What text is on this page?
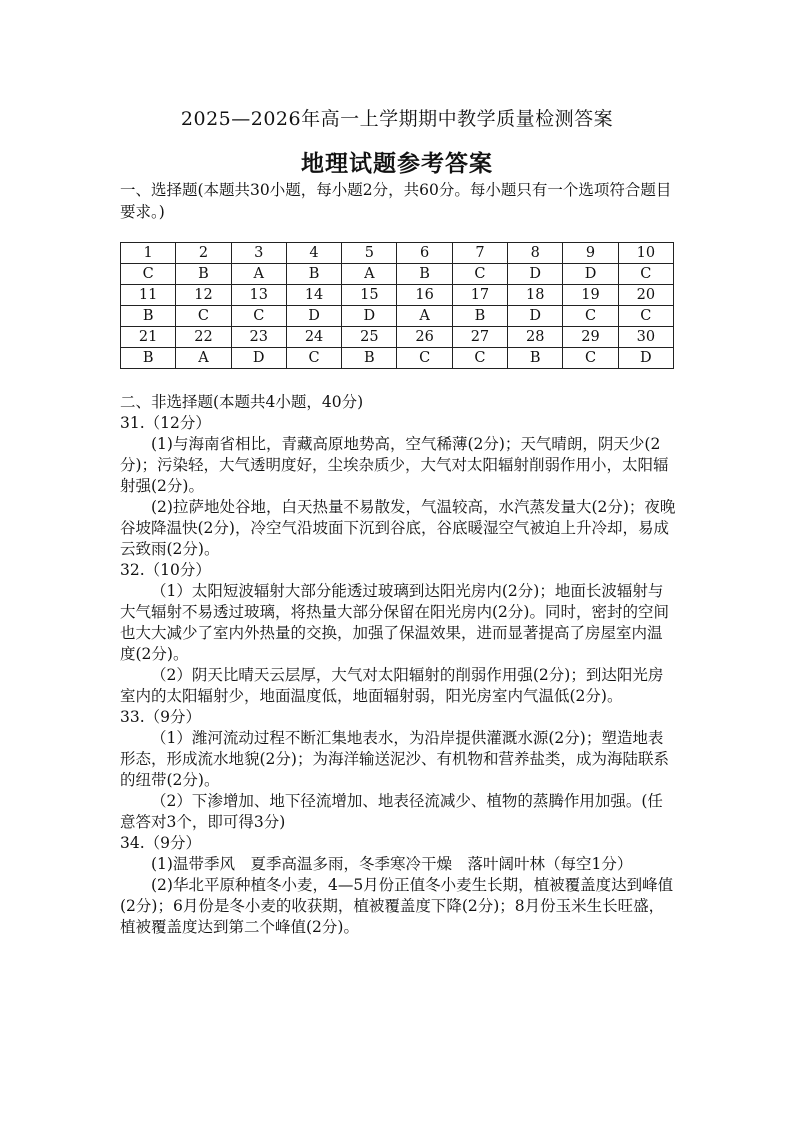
2025—2026年高一上学期期中教学质量检测答案
地理试题参考答案
一、选择题(本题共30小题，每小题2分，共60分。每小题只有一个选项符合题目要求。)
1	2	3	4	5	6	7	8	9	10
C	B	A	B	A	B	C	D	D	C
11	12	13	14	15	16	17	18	19	20
B	C	C	D	D	A	B	D	C	C
21	22	23	24	25	26	27	28	29	30
B	A	D	C	B	C	C	B	C	D

二、非选择题(本题共4小题，40分)

31.（12分）

(1)与海南省相比，青藏高原地势高，空气稀薄(2分)；天气晴朗，阴天少(2分)；污染轻，大气透明度好，尘埃杂质少，大气对太阳辐射削弱作用小，太阳辐射强(2分)。

(2)拉萨地处谷地，白天热量不易散发，气温较高，水汽蒸发量大(2分)；夜晚谷坡降温快(2分)，冷空气沿坡面下沉到谷底，谷底暖湿空气被迫上升冷却，易成云致雨(2分)。

32.（10分）

（1）太阳短波辐射大部分能透过玻璃到达阳光房内(2分)；地面长波辐射与大气辐射不易透过玻璃，将热量大部分保留在阳光房内(2分)。同时，密封的空间也大大减少了室内外热量的交换，加强了保温效果，进而显著提高了房屋室内温度(2分)。

（2）阴天比晴天云层厚，大气对太阳辐射的削弱作用强(2分)；到达阳光房室内的太阳辐射少，地面温度低，地面辐射弱，阳光房室内气温低(2分)。

33.（9分）

（1）潍河流动过程不断汇集地表水，为沿岸提供灌溉水源(2分)；塑造地表形态，形成流水地貌(2分)；为海洋输送泥沙、有机物和营养盐类，成为海陆联系的纽带(2分)。

（2）下渗增加、地下径流增加、地表径流减少、植物的蒸腾作用加强。(任意答对3个，即可得3分)

34.（9分）

(1)温带季风　夏季高温多雨，冬季寒冷干燥　落叶阔叶林（每空1分）

(2)华北平原种植冬小麦，4—5月份正值冬小麦生长期，植被覆盖度达到峰值(2分)；6月份是冬小麦的收获期，植被覆盖度下降(2分)；8月份玉米生长旺盛，植被覆盖度达到第二个峰值(2分)。
